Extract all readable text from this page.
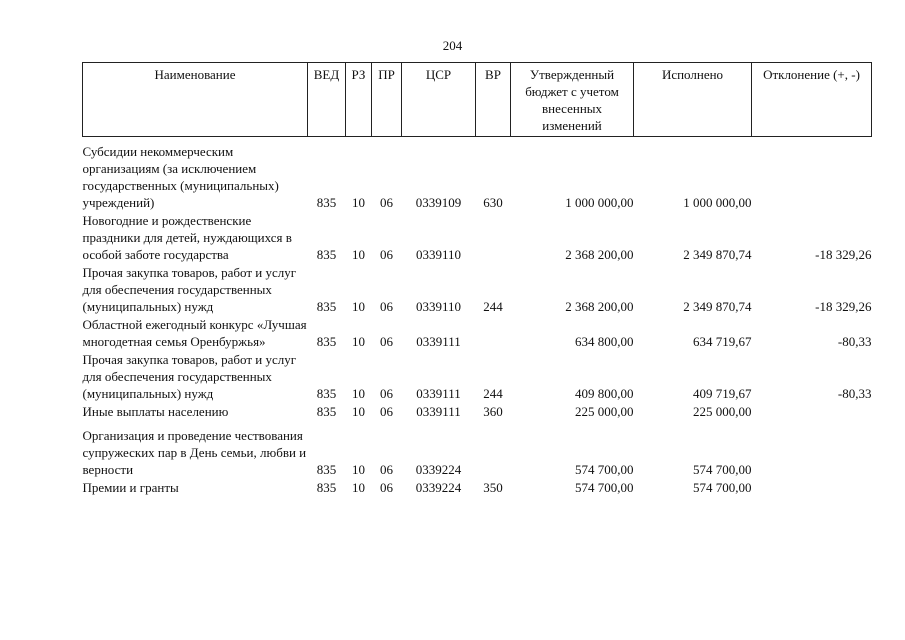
204
Наименование	ВЕД	РЗ	ПР	ЦСР	ВР	Утвержденный бюджет с учетом внесенных изменений	Исполнено	Отклонение (+, -)

Субсидии некоммерческим организациям (за исключением государственных (муниципальных) учреждений)	835	10	06	0339109	630	1 000 000,00	1 000 000,00	
Новогодние и рождественские праздники для детей, нуждающихся в особой заботе государства	835	10	06	0339110		2 368 200,00	2 349 870,74	-18 329,26
Прочая закупка товаров, работ и услуг для обеспечения государственных (муниципальных) нужд	835	10	06	0339110	244	2 368 200,00	2 349 870,74	-18 329,26
Областной ежегодный конкурс «Лучшая многодетная семья Оренбуржья»	835	10	06	0339111		634 800,00	634 719,67	-80,33
Прочая закупка товаров, работ и услуг для обеспечения государственных (муниципальных) нужд	835	10	06	0339111	244	409 800,00	409 719,67	-80,33
Иные выплаты населению	835	10	06	0339111	360	225 000,00	225 000,00	

Организация и проведение чествования супружеских пар в День семьи, любви и верности	835	10	06	0339224		574 700,00	574 700,00	
Премии и гранты	835	10	06	0339224	350	574 700,00	574 700,00	
